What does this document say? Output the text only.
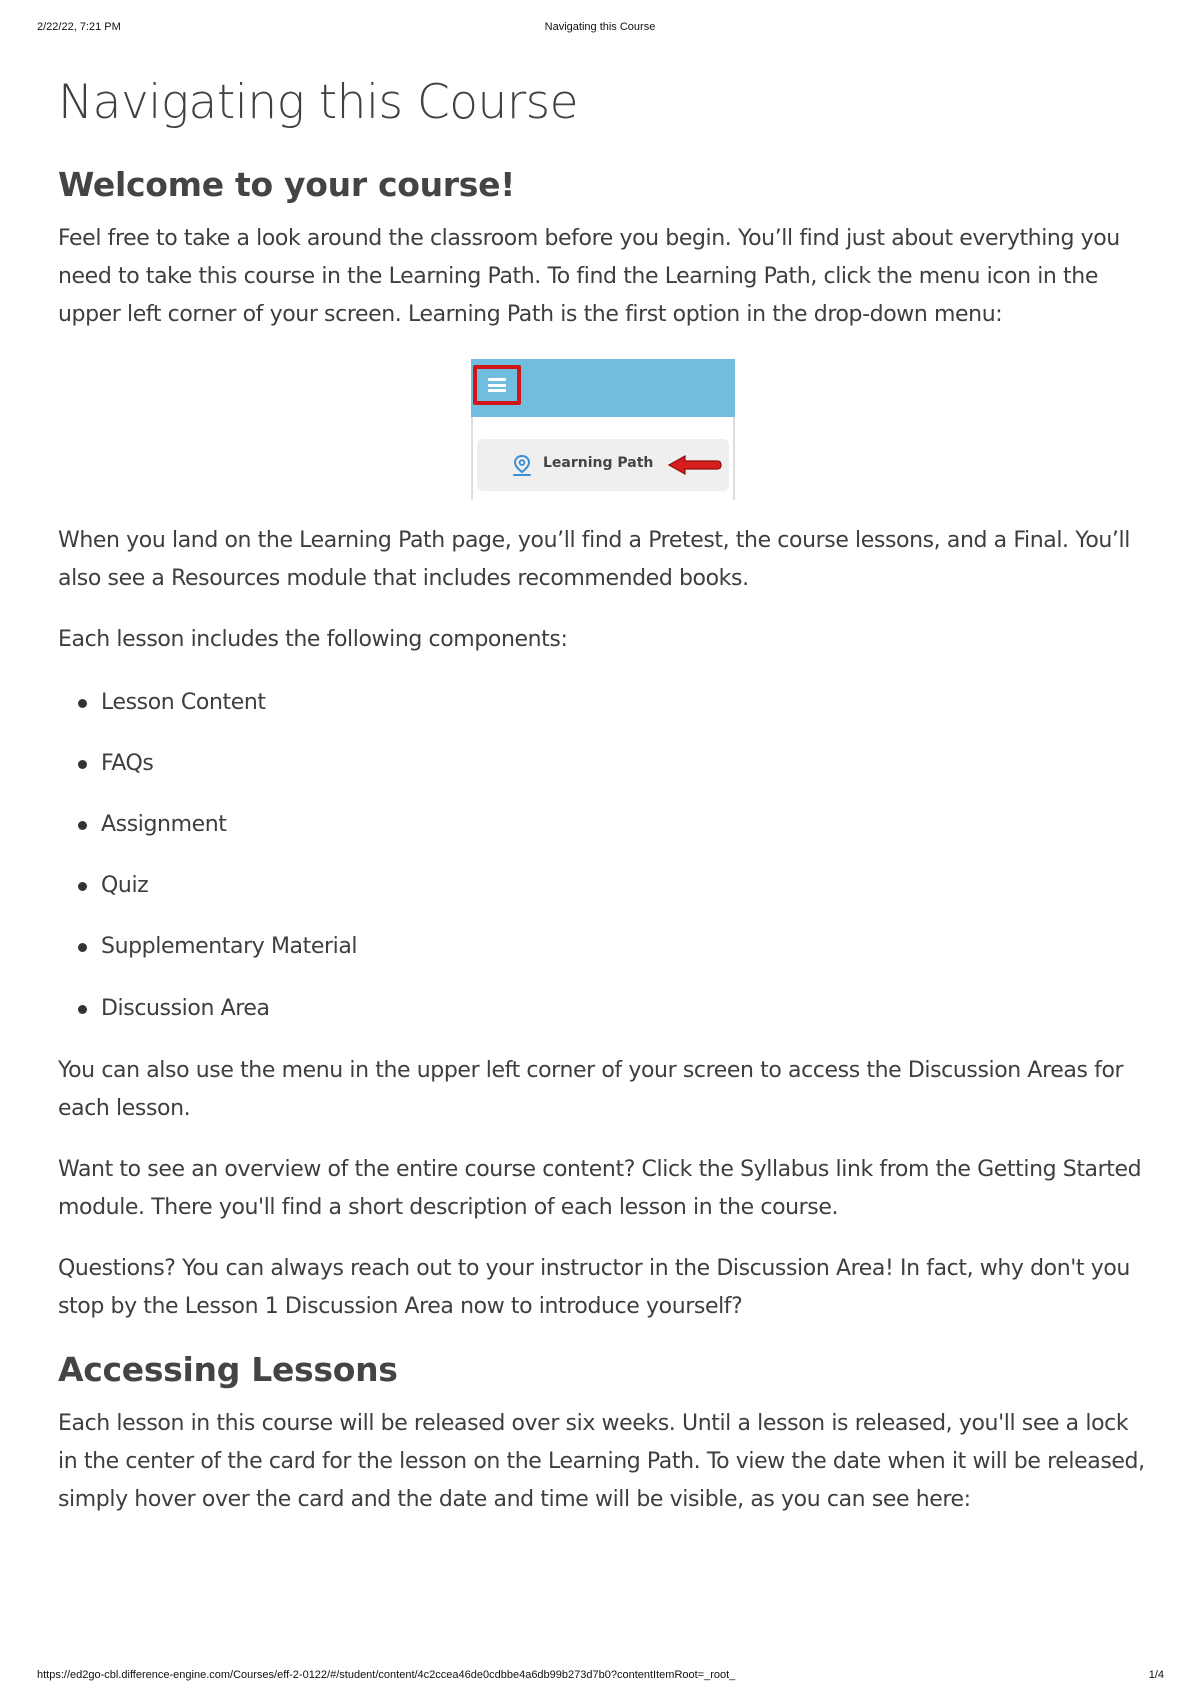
2/22/22, 7:21 PM	Navigating this Course
Navigating this Course
Welcome to your course!

Feel free to take a look around the classroom before you begin. You’ll find just about everything you need to take this course in the Learning Path. To find the Learning Path, click the menu icon in the upper left corner of your screen. Learning Path is the first option in the drop-down menu:

Learning Path

When you land on the Learning Path page, you’ll find a Pretest, the course lessons, and a Final. You’ll also see a Resources module that includes recommended books.

Each lesson includes the following components:

Lesson Content
FAQs
Assignment
Quiz
Supplementary Material
Discussion Area

You can also use the menu in the upper left corner of your screen to access the Discussion Areas for each lesson.

Want to see an overview of the entire course content? Click the Syllabus link from the Getting Started module. There you'll find a short description of each lesson in the course.

Questions? You can always reach out to your instructor in the Discussion Area! In fact, why don't you stop by the Lesson 1 Discussion Area now to introduce yourself?

Accessing Lessons

Each lesson in this course will be released over six weeks. Until a lesson is released, you'll see a lock in the center of the card for the lesson on the Learning Path. To view the date when it will be released, simply hover over the card and the date and time will be visible, as you can see here:

https://ed2go-cbl.difference-engine.com/Courses/eff-2-0122/#/student/content/4c2ccea46de0cdbbe4a6db99b273d7b0?contentItemRoot=_root_	1/4
